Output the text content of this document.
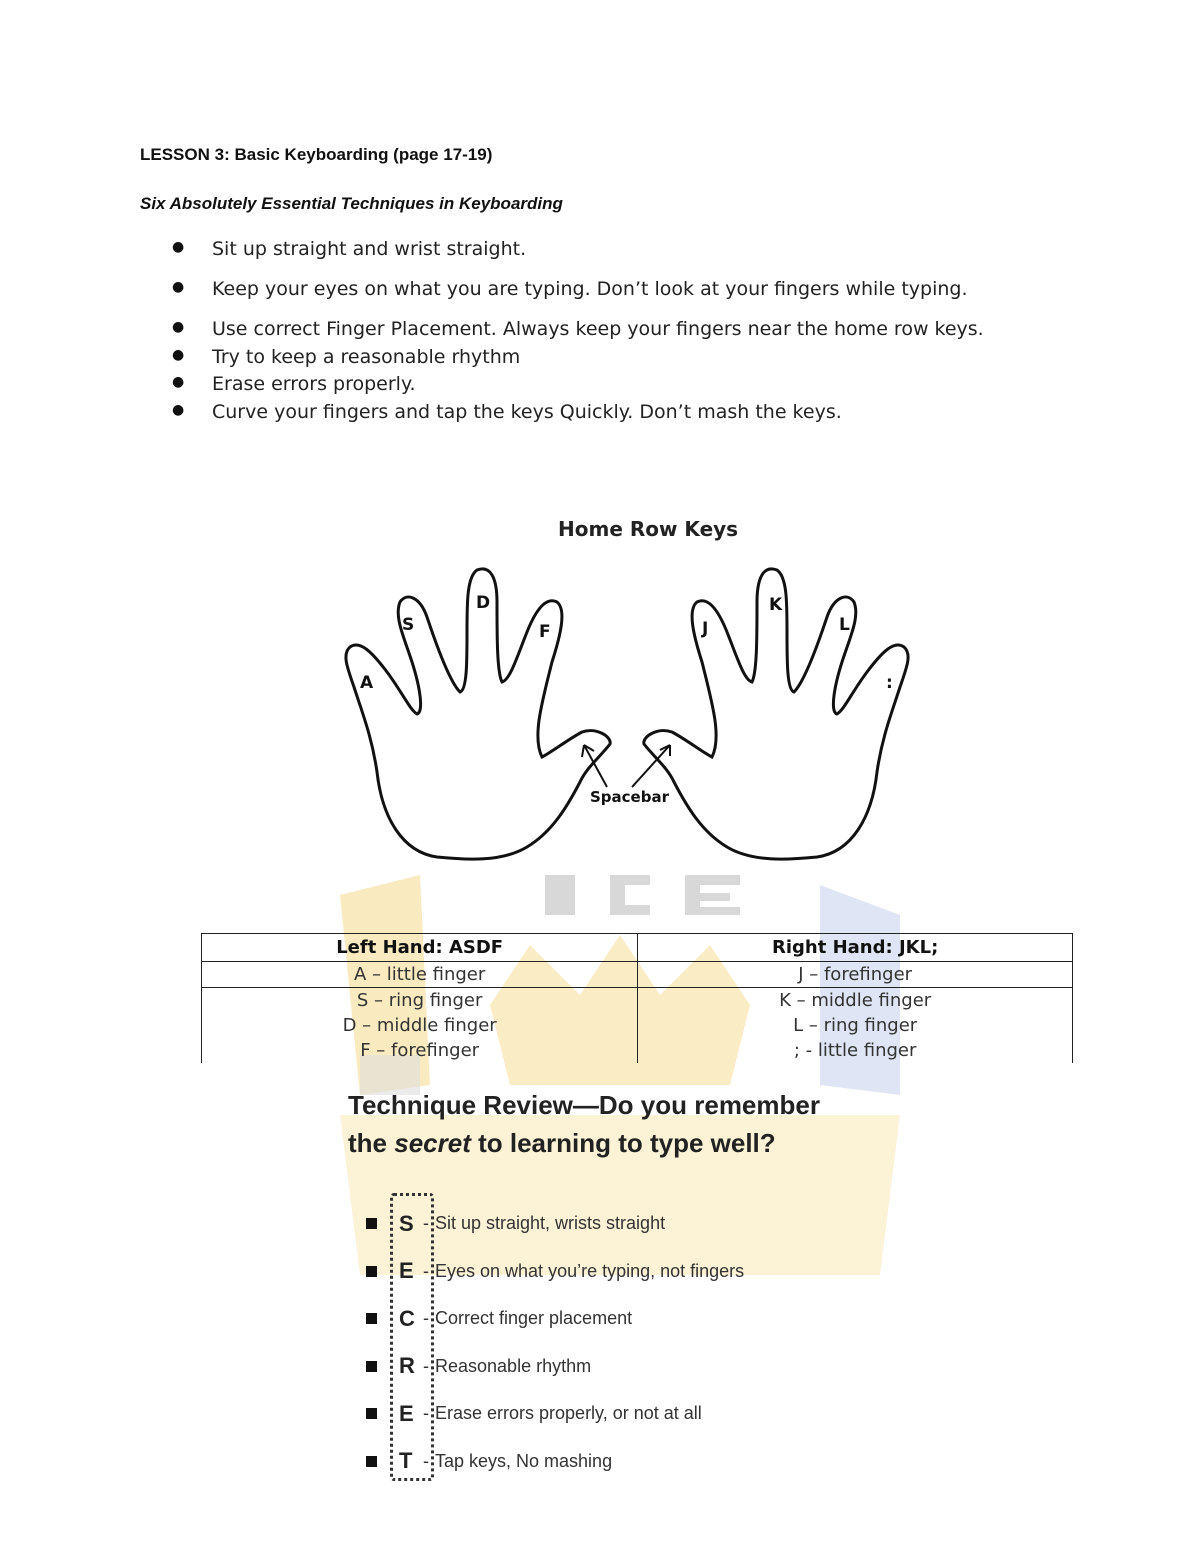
LESSON 3: Basic Keyboarding (page 17-19)
Six Absolutely Essential Techniques in Keyboarding
● Sit up straight and wrist straight.
● Keep your eyes on what you are typing. Don’t look at your fingers while typing.
● Use correct Finger Placement. Always keep your fingers near the home row keys.
● Try to keep a reasonable rhythm
● Erase errors properly.
● Curve your fingers and tap the keys Quickly. Don’t mash the keys.
Home Row Keys
A
S
D
F	J
K
L
:
Spacebar
Left Hand: ASDF	Right Hand: JKL;
A – little finger	J – forefinger
S – ring finger	K – middle finger
D – middle finger	L – ring finger
F – forefinger	; - little finger
Technique Review—Do you remember
the secret to learning to type well?
S - Sit up straight, wrists straight
E - Eyes on what you’re typing, not fingers
C - Correct finger placement
R - Reasonable rhythm
E - Erase errors properly, or not at all
T - Tap keys, No mashing
